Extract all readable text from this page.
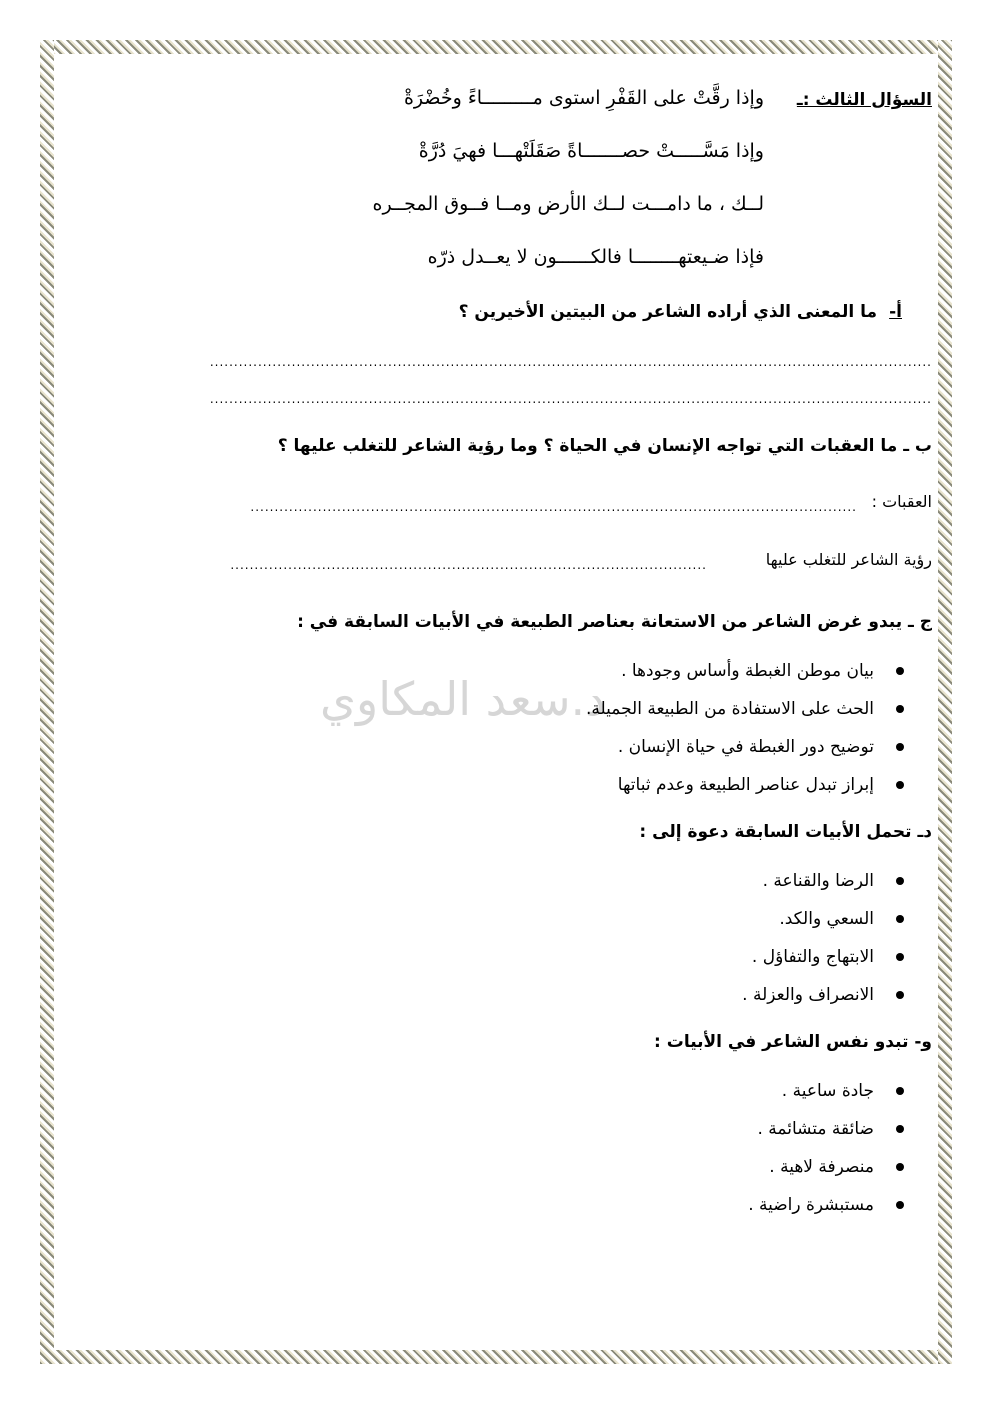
د.سعد المكاوي
السؤال الثالث :ـ
وإذا رقَّتْ على القَفْرِ استوى مـــــــــاءً وخُضْرَةْ
وإذا مَسَّـــــتْ حصـــــــاةً صَقَلَتْهـــا فهيَ دُرَّةْ
لــك ، ما دامـــت لــك الأرض ومــا فــوق المجــره
فإذا ضـيعتهــــــــا فالكــــــون لا يعــدل ذرّه
أ-
ما المعنى الذي أراده الشاعر من البيتين الأخيرين ؟
......................................................................................................................................................
......................................................................................................................................................
ب ـ ما العقبات التي تواجه الإنسان في الحياة ؟ وما رؤية الشاعر للتغلب عليها ؟
العقبات :
..............................................................................................................................
رؤية الشاعر للتغلب عليها
...................................................................................................
ج ـ يبدو غرض الشاعر من الاستعانة بعناصر الطبيعة في الأبيات السابقة في :
بيان موطن الغبطة وأساس وجودها .
الحث على الاستفادة من الطبيعة الجميلة.
توضيح دور الغبطة في حياة الإنسان .
إبراز تبدل عناصر الطبيعة وعدم ثباتها
دـ تحمل الأبيات السابقة دعوة إلى :
الرضا والقناعة .
السعي والكد.
الابتهاج والتفاؤل .
الانصراف والعزلة .
و- تبدو نفس الشاعر في الأبيات :
جادة ساعية .
ضائقة متشائمة .
منصرفة لاهية .
مستبشرة راضية .
